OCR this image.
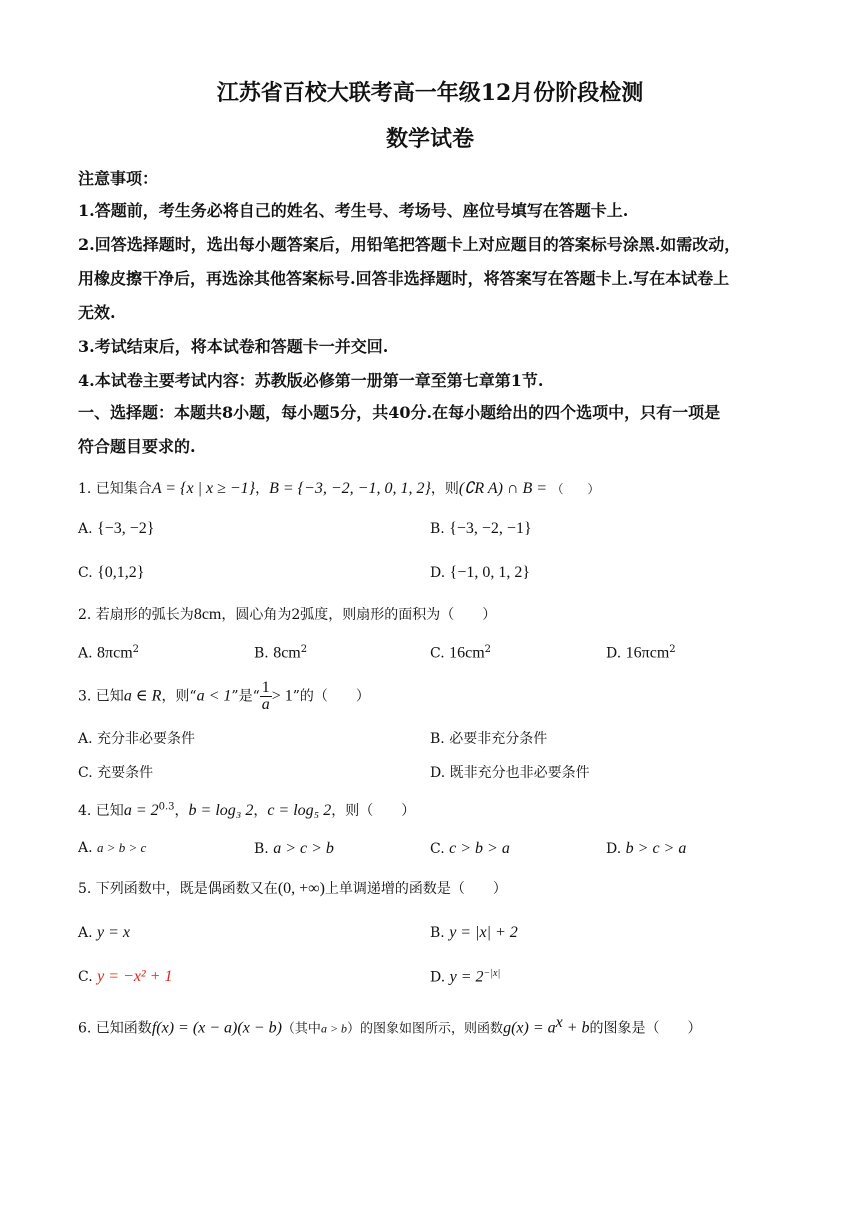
江苏省百校大联考高一年级12月份阶段检测
数学试卷
注意事项：
1.答题前，考生务必将自己的姓名、考生号、考场号、座位号填写在答题卡上.
2.回答选择题时，选出每小题答案后，用铅笔把答题卡上对应题目的答案标号涂黑.如需改动，
用橡皮擦干净后，再选涂其他答案标号.回答非选择题时，将答案写在答题卡上.写在本试卷上
无效.
3.考试结束后，将本试卷和答题卡一并交回.
4.本试卷主要考试内容：苏教版必修第一册第一章至第七章第1节.
一、选择题：本题共8小题，每小题5分，共40分.在每小题给出的四个选项中，只有一项是
符合题目要求的.
1. 已知集合A = {x | x ≥ −1}，B = {−3, −2, −1, 0, 1, 2}，则(∁R A) ∩ B = （　　）
A. {−3, −2}	B. {−3, −2, −1}
C. {0,1,2}	D. {−1, 0, 1, 2}
2. 若扇形的弧长为8cm，圆心角为2弧度，则扇形的面积为（　　）
A. 8πcm$^2$	B. $8cm^2$	C. $16cm^2$	D. 16πcm$^2$
3. 已知a ∈ R，则“a < 1”是“ $\frac{1}{a} > 1$”的（　　）
A. 充分非必要条件	B. 必要非充分条件
C. 充要条件	D. 既非充分也非必要条件
4. 已知$a = 2^{0.3}$，b = log₃ 2，c = log₅ 2，则（　　）
A. a > b > c	B. a > c > b	C. c > b > a	D. b > c > a
5. 下列函数中，既是偶函数又在(0, +∞)上单调递增的函数是（　　）
A. y = x	B. y = |x| + 2
C. y = −x² + 1	D. $y = 2^{-|x|}$
6. 已知函数f(x) = (x − a)(x − b)（其中a > b）的图象如图所示，则函数$g(x) = a^x + b$的图象是（　　）
